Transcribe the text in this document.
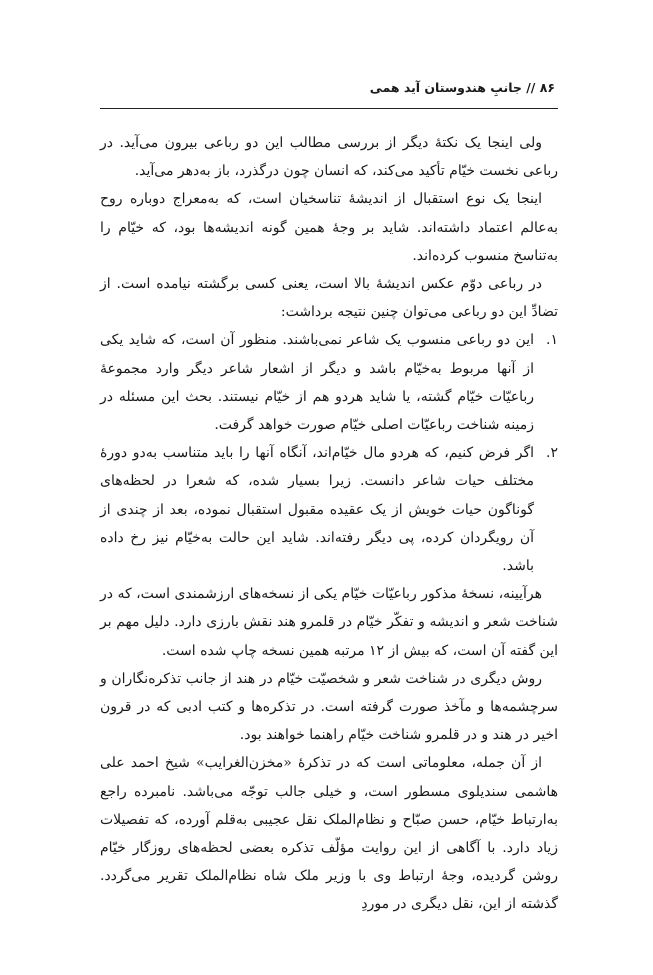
۸۶ // جانبِ هندوستان آید همی

ولی اینجا یک نکتهٔ دیگر از بررسی مطالب این دو رباعی بیرون می‌آید. در رباعی نخست خیّام تأکید می‌کند، که انسان چون درگذرد، باز به‌دهر می‌آید.

اینجا یک نوع استقبال از اندیشهٔ تناسخیان است، که به‌معراج دوباره روح به‌عالم اعتماد داشته‌اند. شاید بر وجهٔ همین گونه اندیشه‌ها بود، که خیّام را به‌تناسخ منسوب کرده‌اند.

در رباعی دوّم عکس اندیشهٔ بالا است، یعنی کسی برگشته نیامده است. از تضادِّ این دو رباعی می‌توان چنین نتیجه برداشت:

۱.
این دو رباعی منسوب یک شاعر نمی‌باشند. منظور آن است، که شاید یکی از آنها مربوط به‌خیّام باشد و دیگر از اشعار شاعر دیگر وارد مجموعهٔ رباعیّات خیّام گشته، یا شاید هردو هم از خیّام نیستند. بحث این مسئله در زمینه شناخت رباعیّات اصلی خیّام صورت خواهد گرفت.
۲.
اگر فرض کنیم، که هردو مال خیّام‌اند، آنگاه آنها را باید متناسب به‌دو دورهٔ مختلف حیات شاعر دانست. زیرا بسیار شده، که شعرا در لحظه‌های گوناگون حیات خویش از یک عقیده مقبول استقبال نموده، بعد از چندی از آن رویگردان کرده، پی دیگر رفته‌اند. شاید این حالت به‌خیّام نیز رخ داده باشد.

هرآیینه، نسخهٔ مذکور رباعیّات خیّام یکی از نسخه‌های ارزشمندی است، که در شناخت شعر و اندیشه و تفکّر خیّام در قلمرو هند نقش بارزی دارد. دلیل مهم بر این گفته آن است، که بیش از ۱۲ مرتبه همین نسخه چاپ شده است.

روش دیگری در شناخت شعر و شخصیّت خیّام در هند از جانب تذکره‌نگاران و سرچشمه‌ها و مآخذ صورت گرفته است. در تذکره‌ها و کتب ادبی که در قرون اخیر در هند و در قلمرو شناخت خیّام راهنما خواهند بود.

از آن جمله، معلوماتی است که در تذکرهٔ «مخزن‌الغرایب» شیخ احمد علی هاشمی سندیلوی مسطور است، و خیلی جالب توجّه می‌باشد. نامبرده راجع به‌ارتباط خیّام، حسن صبّاح و نظام‌الملک نقل عجیبی به‌قلم آورده، که تفصیلات زیاد دارد. با آگاهی از این روایت مؤلّف تذکره بعضی لحظه‌های روزگار خیّام روشن گردیده، وجهٔ ارتباط وی با وزیر ملک شاه نظام‌الملک تقریر می‌گردد. گذشته از این، نقل دیگری در موردِ
